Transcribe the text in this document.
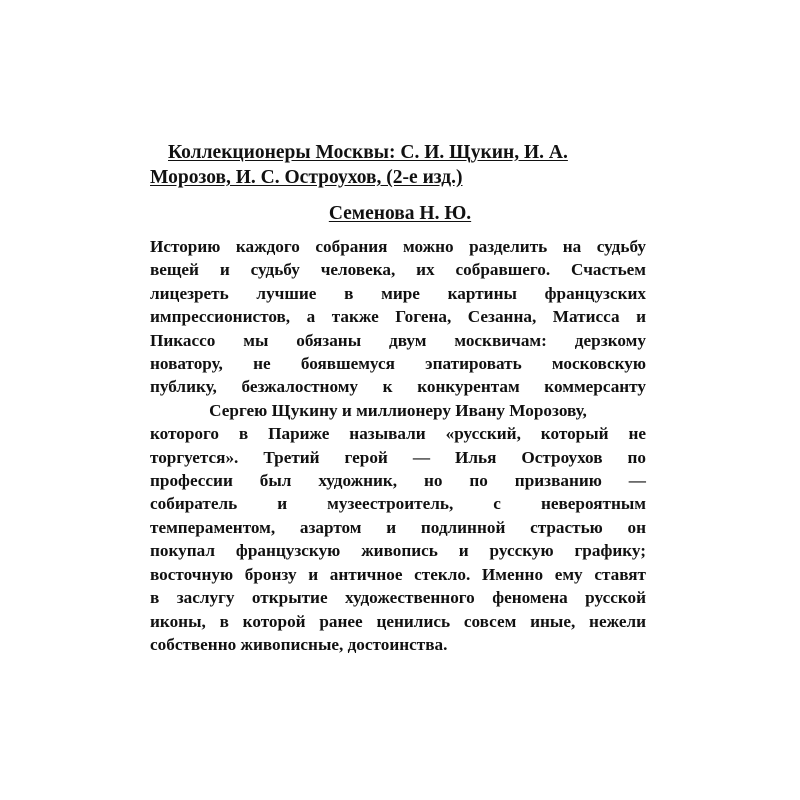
Коллекционеры Москвы: С. И. Щукин, И. А.
Морозов, И. С. Остроухов, (2-е изд.)
Семенова Н. Ю.
Историю каждого собрания можно разделить на судьбу
вещей и судьбу человека, их собравшего. Счастьем
лицезреть лучшие в мире картины французских
импрессионистов, а также Гогена, Сезанна, Матисса и
Пикассо мы обязаны двум москвичам: дерзкому
новатору, не боявшемуся эпатировать московскую
публику, безжалостному к конкурентам коммерсанту
Сергею Щукину и миллионеру Ивану Морозову,
которого в Париже называли «русский, который не
торгуется». Третий герой — Илья Остроухов по
профессии был художник, но по призванию —
собиратель и музеестроитель, с невероятным
темпераментом, азартом и подлинной страстью он
покупал французскую живопись и русскую графику;
восточную бронзу и античное стекло. Именно ему ставят
в заслугу открытие художественного феномена русской
иконы, в которой ранее ценились совсем иные, нежели
собственно живописные, достоинства.
